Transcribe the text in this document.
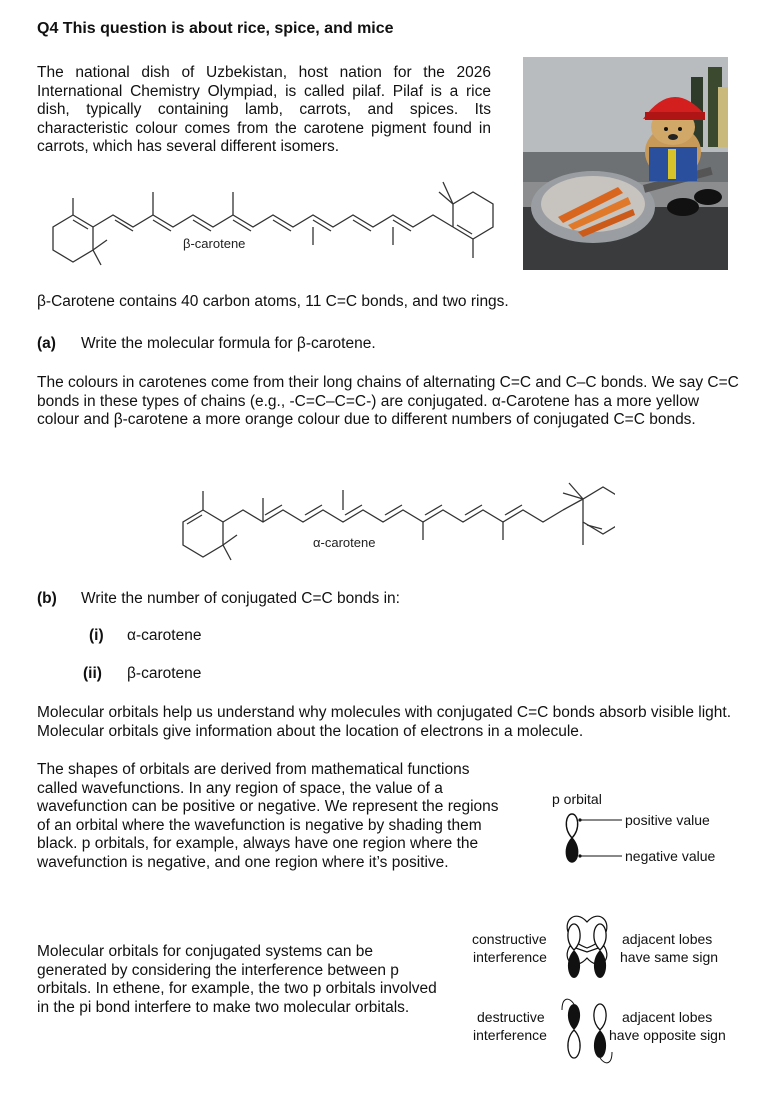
Q4 This question is about rice, spice, and mice
The national dish of Uzbekistan, host nation for the 2026 International Chemistry Olympiad, is called pilaf. Pilaf is a rice dish, typically containing lamb, carrots, and spices. Its characteristic colour comes from the carotene pigment found in carrots, which has several different isomers.
β-carotene
β-Carotene contains 40 carbon atoms, 11 C=C bonds, and two rings.
(a) Write the molecular formula for β-carotene.
The colours in carotenes come from their long chains of alternating C=C and C–C bonds. We say C=C bonds in these types of chains (e.g., -C=C–C=C-) are conjugated. α-Carotene has a more yellow colour and β-carotene a more orange colour due to different numbers of conjugated C=C bonds.
α-carotene
(b) Write the number of conjugated C=C bonds in:
(i) α-carotene
(ii) β-carotene
Molecular orbitals help us understand why molecules with conjugated C=C bonds absorb visible light. Molecular orbitals give information about the location of electrons in a molecule.
The shapes of orbitals are derived from mathematical functions called wavefunctions. In any region of space, the value of a wavefunction can be positive or negative. We represent the regions of an orbital where the wavefunction is negative by shading them black. p orbitals, for example, always have one region where the wavefunction is negative, and one region where it’s positive.
p orbital
positive value
negative value
Molecular orbitals for conjugated systems can be generated by considering the interference between p orbitals. In ethene, for example, the two p orbitals involved in the pi bond interfere to make two molecular orbitals.
constructive
interference
adjacent lobes
have same sign
destructive
interference
adjacent lobes
have opposite sign
